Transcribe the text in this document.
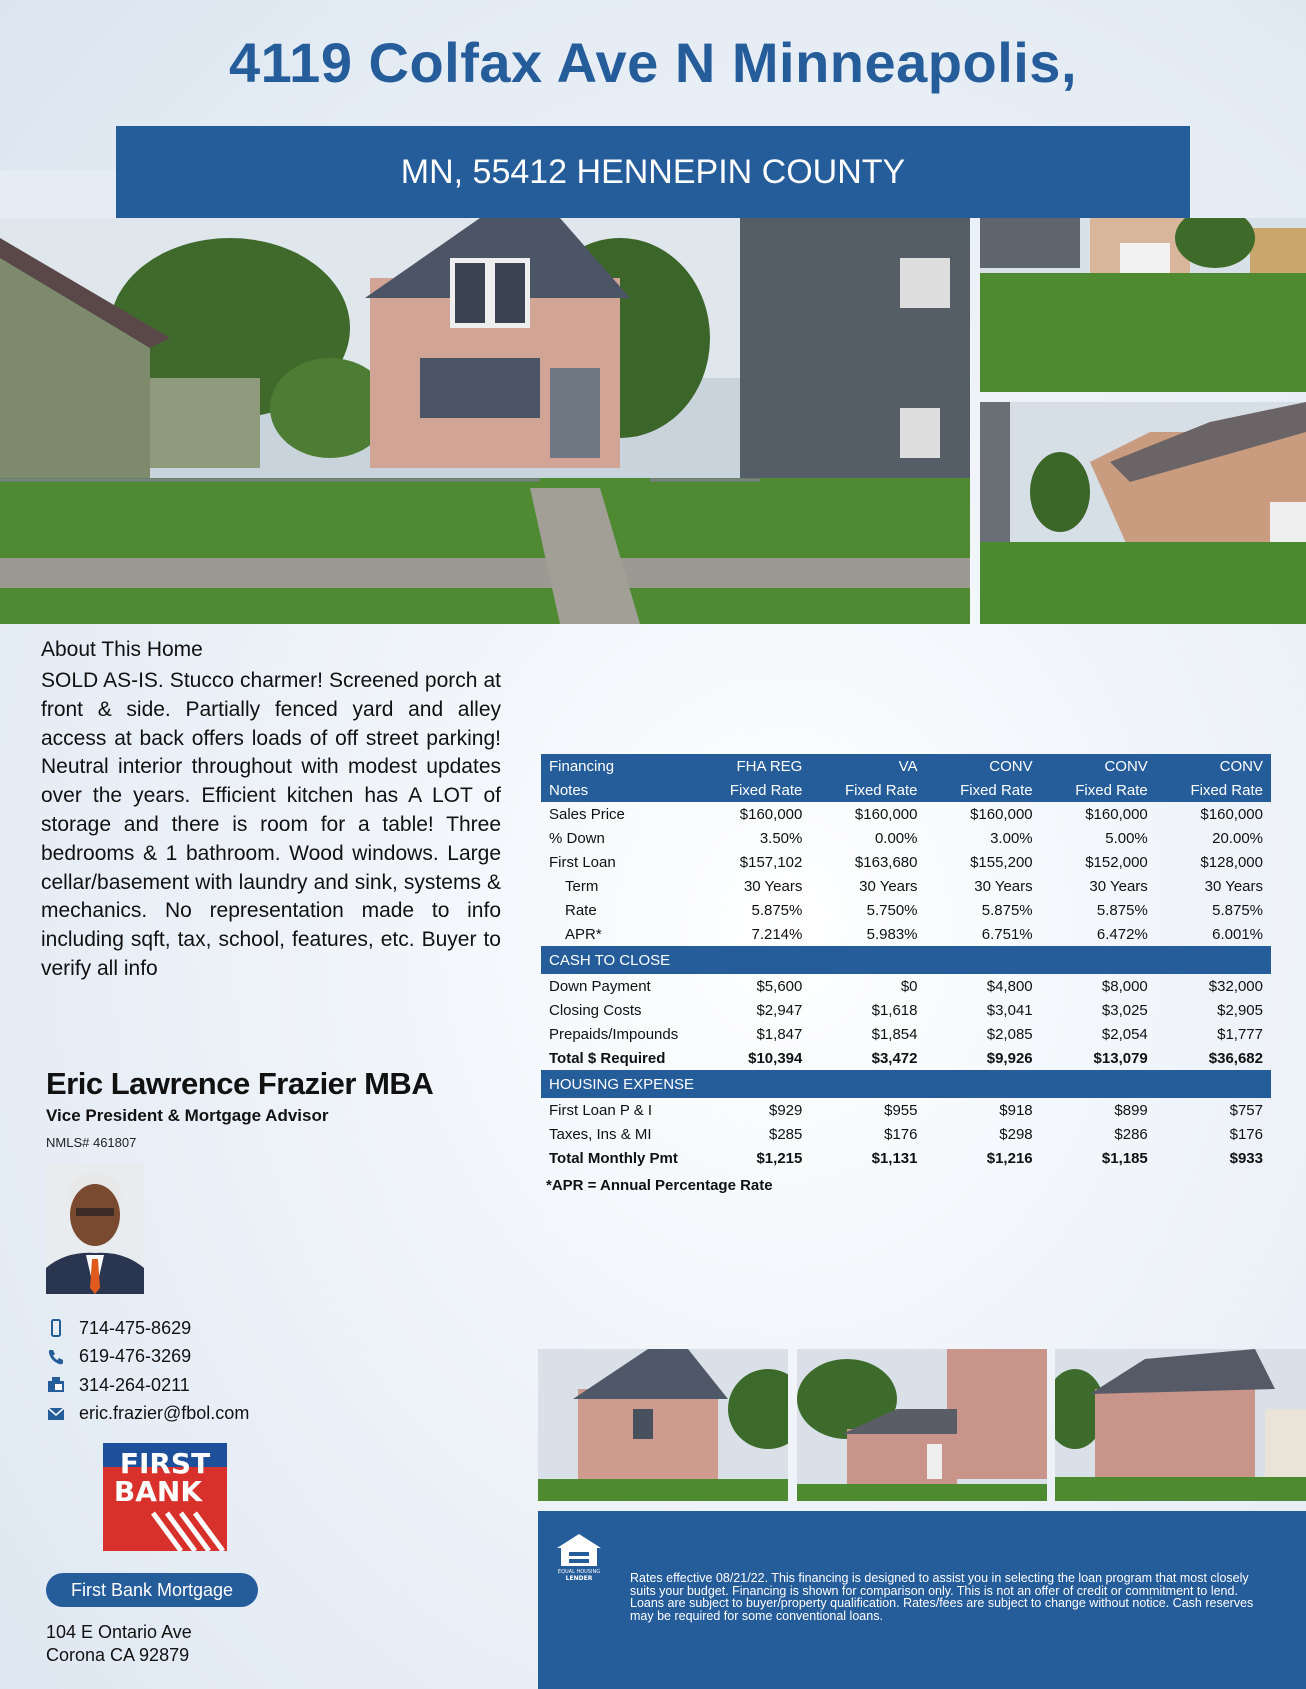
4119 Colfax Ave N Minneapolis,
MN, 55412 HENNEPIN COUNTY
About This Home
SOLD AS-IS. Stucco charmer! Screened porch at front & side. Partially fenced yard and alley access at back offers loads of off street parking! Neutral interior throughout with modest updates over the years. Efficient kitchen has A LOT of storage and there is room for a table! Three bedrooms & 1 bathroom. Wood windows. Large cellar/basement with laundry and sink, systems & mechanics. No representation made to info including sqft, tax, school, features, etc. Buyer to verify all info
Eric Lawrence Frazier MBA
Vice President & Mortgage Advisor
NMLS# 461807
714-475-8629
619-476-3269
314-264-0211
eric.frazier@fbol.com
FIRST
BANK
First Bank Mortgage
104 E Ontario Ave
Corona CA 92879
Financing	FHA REG	VA	CONV	CONV	CONV
Notes	Fixed Rate	Fixed Rate	Fixed Rate	Fixed Rate	Fixed Rate
Sales Price	$160,000	$160,000	$160,000	$160,000	$160,000
% Down	3.50%	0.00%	3.00%	5.00%	20.00%
First Loan	$157,102	$163,680	$155,200	$152,000	$128,000
Term	30 Years	30 Years	30 Years	30 Years	30 Years
Rate	5.875%	5.750%	5.875%	5.875%	5.875%
APR*	7.214%	5.983%	6.751%	6.472%	6.001%
CASH TO CLOSE					
Down Payment	$5,600	$0	$4,800	$8,000	$32,000
Closing Costs	$2,947	$1,618	$3,041	$3,025	$2,905
Prepaids/Impounds	$1,847	$1,854	$2,085	$2,054	$1,777
Total $ Required	$10,394	$3,472	$9,926	$13,079	$36,682
HOUSING EXPENSE					
First Loan P & I	$929	$955	$918	$899	$757
Taxes, Ins & MI	$285	$176	$298	$286	$176
Total Monthly Pmt	$1,215	$1,131	$1,216	$1,185	$933
*APR = Annual Percentage Rate
EQUAL HOUSING
LENDER	Rates effective 08/21/22. This financing is designed to assist you in selecting the loan program that most closely suits your budget. Financing is shown for comparison only. This is not an offer of credit or commitment to lend. Loans are subject to buyer/property qualification. Rates/fees are subject to change without notice. Cash reserves may be required for some conventional loans.
